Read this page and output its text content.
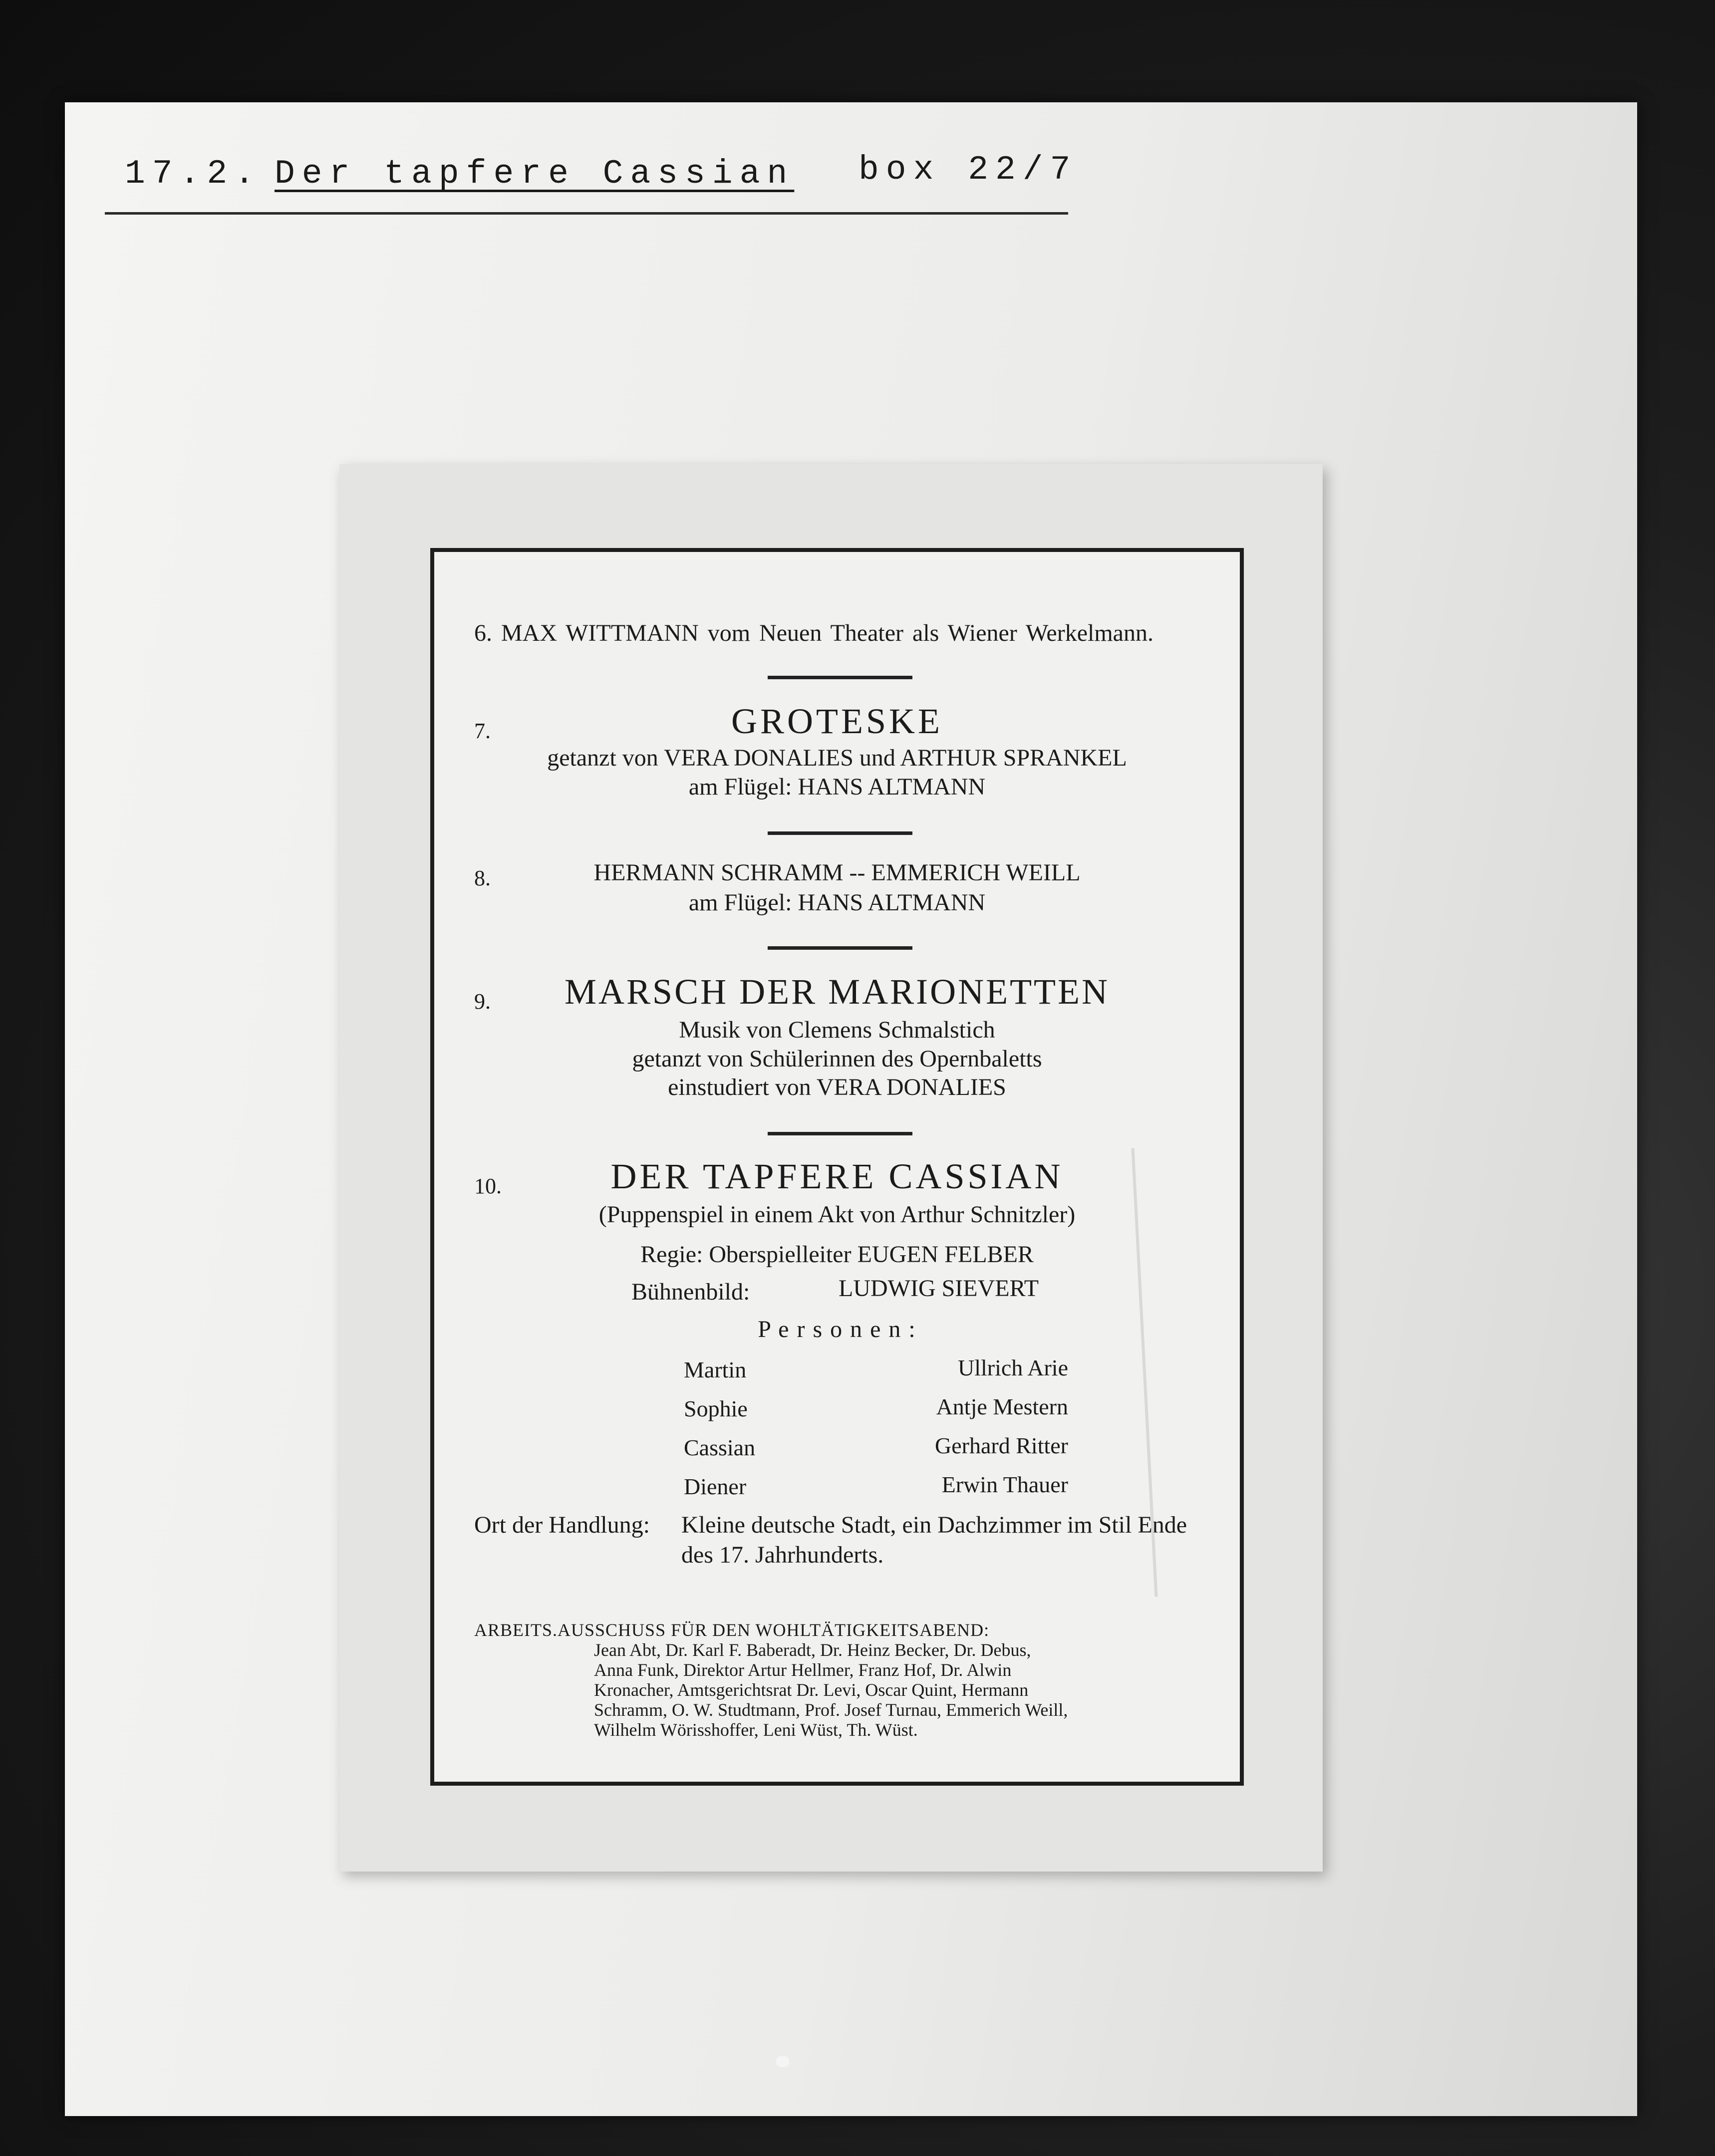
17.2. Der tapfere Cassian box 22/7
6. MAX WITTMANN vom Neuen Theater als Wiener Werkelmann.
7.	GROTESKE
getanzt von VERA DONALIES und ARTHUR SPRANKEL
am Flügel: HANS ALTMANN
8.	HERMANN SCHRAMM -- EMMERICH WEILL
am Flügel: HANS ALTMANN
9.	MARSCH DER MARIONETTEN
Musik von Clemens Schmalstich
getanzt von Schülerinnen des Opernbaletts
einstudiert von VERA DONALIES
10.	DER TAPFERE CASSIAN
(Puppenspiel in einem Akt von Arthur Schnitzler)
Regie: Oberspielleiter EUGEN FELBER
Bühnenbild:	LUDWIG SIEVERT
P e r s o n e n :
Martin	Ullrich Arie
Sophie	Antje Mestern
Cassian	Gerhard Ritter
Diener	Erwin Thauer
Ort der Handlung: Kleine deutsche Stadt, ein Dachzimmer im Stil Ende
des 17. Jahrhunderts.
ARBEITS.AUSSCHUSS FÜR DEN WOHLTÄTIGKEITSABEND:
Jean Abt, Dr. Karl F. Baberadt, Dr. Heinz Becker, Dr. Debus,
Anna Funk, Direktor Artur Hellmer, Franz Hof, Dr. Alwin
Kronacher, Amtsgerichtsrat Dr. Levi, Oscar Quint, Hermann
Schramm, O. W. Studtmann, Prof. Josef Turnau, Emmerich Weill,
Wilhelm Wörisshoffer, Leni Wüst, Th. Wüst.
